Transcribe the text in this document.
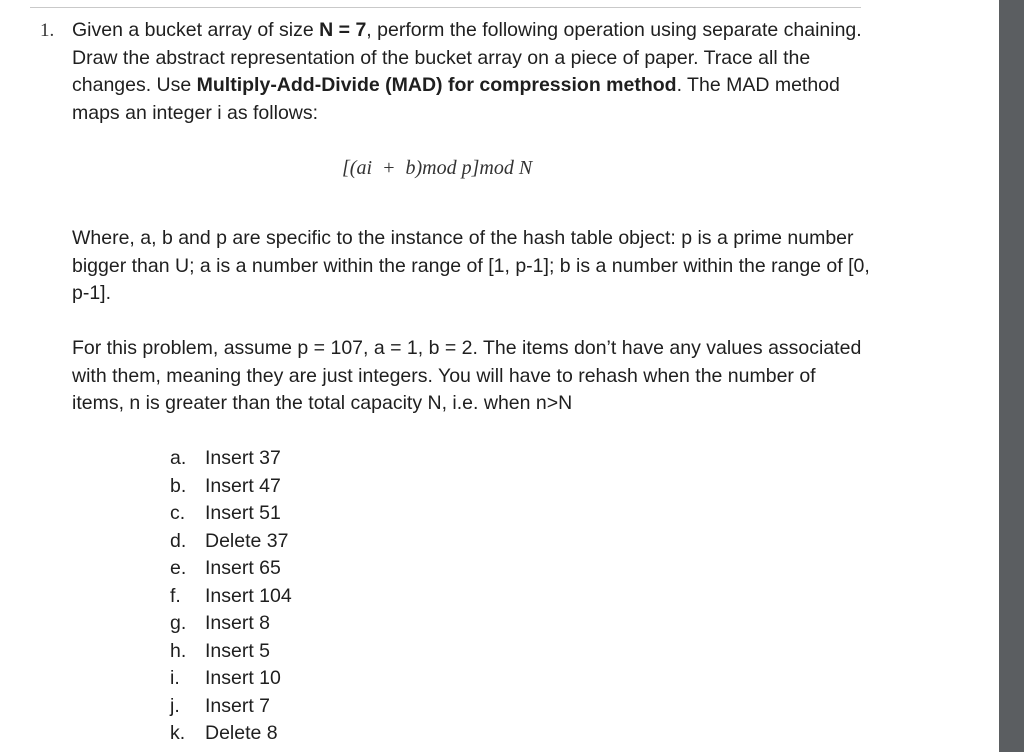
1. Given a bucket array of size N = 7, perform the following operation using separate chaining. Draw the abstract representation of the bucket array on a piece of paper. Trace all the changes. Use Multiply-Add-Divide (MAD) for compression method. The MAD method maps an integer i as follows:

[(ai  +  b)mod p]mod N

Where, a, b and p are specific to the instance of the hash table object: p is a prime number bigger than U; a is a number within the range of [1, p-1]; b is a number within the range of [0, p-1].

For this problem, assume p = 107, a = 1, b = 2. The items don’t have any values associated with them, meaning they are just integers. You will have to rehash when the number of items, n is greater than the total capacity N, i.e. when n>N

a. Insert 37
b. Insert 47
c.	Insert 51
d. Delete 37
e. Insert 65
f.	Insert 104
g. Insert 8
h. Insert 5
i.	Insert 10
j.	Insert 7
k.	Delete 8
